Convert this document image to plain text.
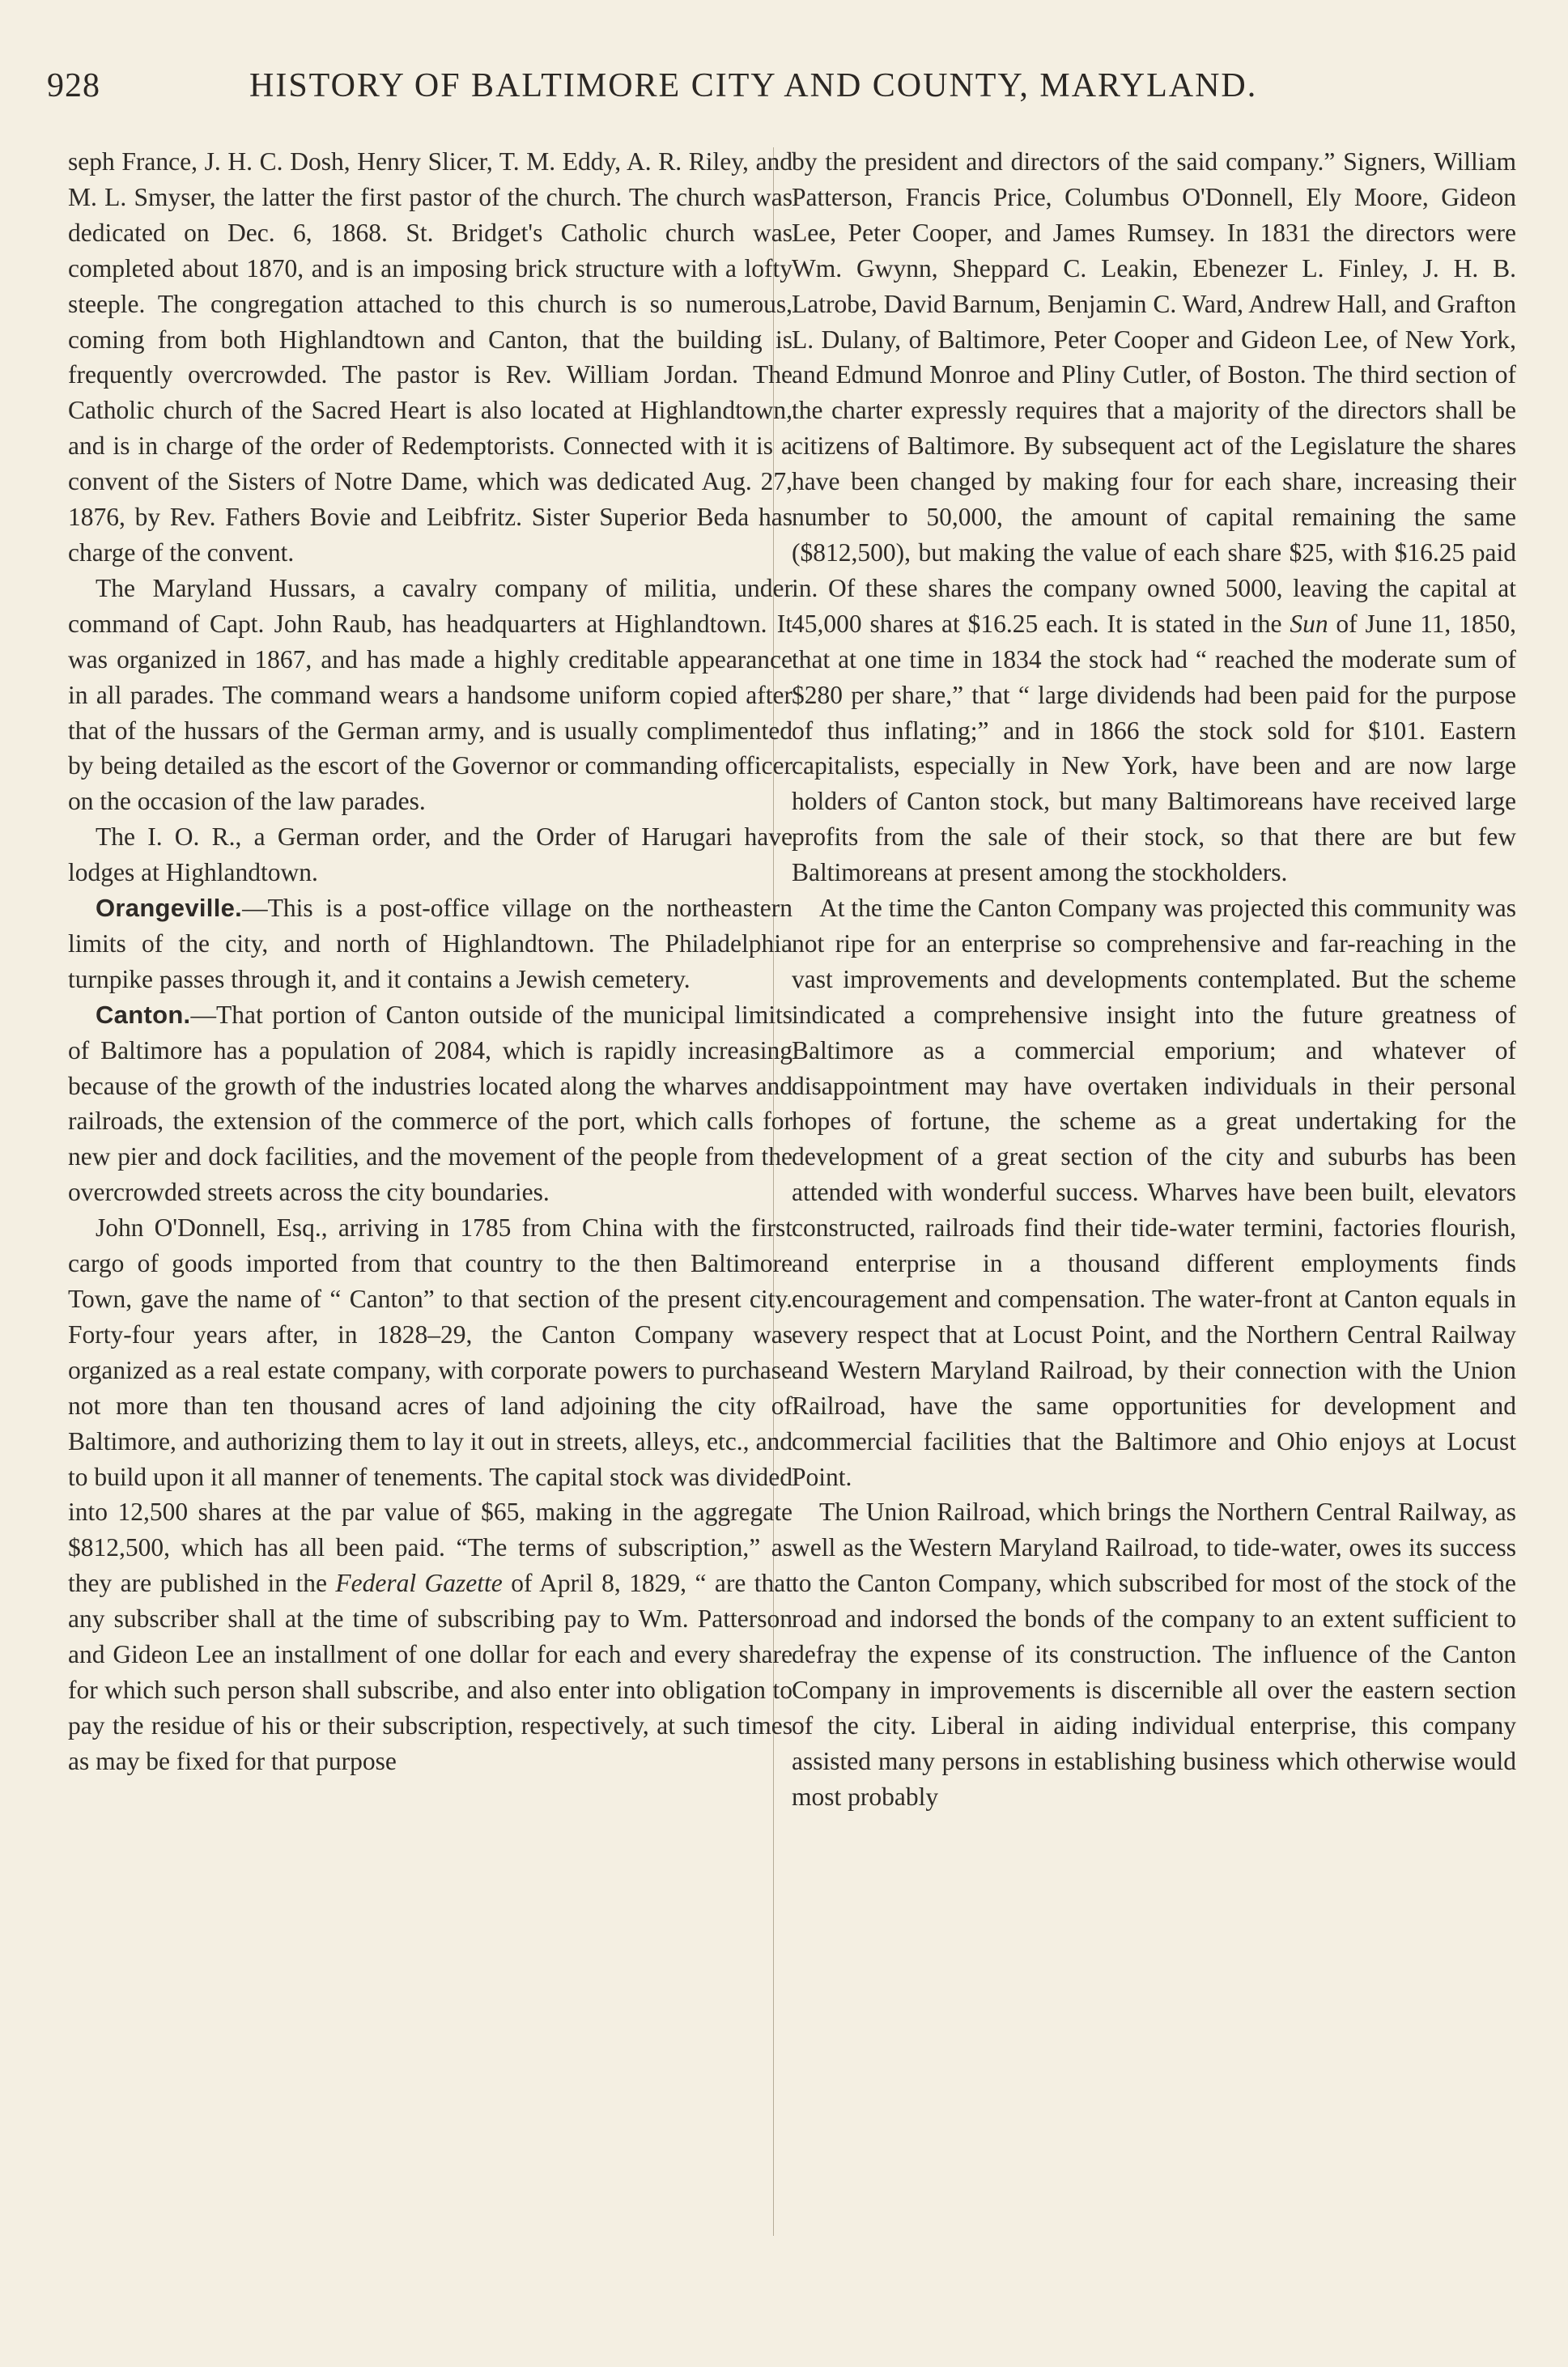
928	HISTORY OF BALTIMORE CITY AND COUNTY, MARYLAND.

seph France, J. H. C. Dosh, Henry Slicer, T. M. Eddy, A. R. Riley, and M. L. Smyser, the latter the first pastor of the church. The church was dedicated on Dec. 6, 1868. St. Bridget's Catholic church was completed about 1870, and is an imposing brick structure with a lofty steeple. The congregation attached to this church is so numerous, coming from both Highlandtown and Canton, that the building is frequently overcrowded. The pastor is Rev. William Jordan. The Catholic church of the Sacred Heart is also located at Highlandtown, and is in charge of the order of Redemptorists. Connected with it is a convent of the Sisters of Notre Dame, which was dedicated Aug. 27, 1876, by Rev. Fathers Bovie and Leibfritz. Sister Superior Beda has charge of the convent.

The Maryland Hussars, a cavalry company of militia, under command of Capt. John Raub, has headquarters at Highlandtown. It was organized in 1867, and has made a highly creditable appearance in all parades. The command wears a handsome uniform copied after that of the hussars of the German army, and is usually complimented by being detailed as the escort of the Governor or commanding officer on the occasion of the law parades.

The I. O. R., a German order, and the Order of Harugari have lodges at Highlandtown.

Orangeville.—This is a post-office village on the northeastern limits of the city, and north of Highlandtown. The Philadelphia turnpike passes through it, and it contains a Jewish cemetery.

Canton.—That portion of Canton outside of the municipal limits of Baltimore has a population of 2084, which is rapidly increasing because of the growth of the industries located along the wharves and railroads, the extension of the commerce of the port, which calls for new pier and dock facilities, and the movement of the people from the overcrowded streets across the city boundaries.

John O'Donnell, Esq., arriving in 1785 from China with the first cargo of goods imported from that country to the then Baltimore Town, gave the name of “ Canton” to that section of the present city. Forty-four years after, in 1828–29, the Canton Company was organized as a real estate company, with corporate powers to purchase not more than ten thousand acres of land adjoining the city of Baltimore, and authorizing them to lay it out in streets, alleys, etc., and to build upon it all manner of tenements. The capital stock was divided into 12,500 shares at the par value of $65, making in the aggregate $812,500, which has all been paid. “The terms of subscription,” as they are published in the Federal Gazette of April 8, 1829, “ are that any subscriber shall at the time of subscribing pay to Wm. Patterson and Gideon Lee an installment of one dollar for each and every share for which such person shall subscribe, and also enter into obligation to pay the residue of his or their subscription, respectively, at such times as may be fixed for that purpose

by the president and directors of the said company.” Signers, William Patterson, Francis Price, Columbus O'Donnell, Ely Moore, Gideon Lee, Peter Cooper, and James Rumsey. In 1831 the directors were Wm. Gwynn, Sheppard C. Leakin, Ebenezer L. Finley, J. H. B. Latrobe, David Barnum, Benjamin C. Ward, Andrew Hall, and Grafton L. Dulany, of Baltimore, Peter Cooper and Gideon Lee, of New York, and Edmund Monroe and Pliny Cutler, of Boston. The third section of the charter expressly requires that a majority of the directors shall be citizens of Baltimore. By subsequent act of the Legislature the shares have been changed by making four for each share, increasing their number to 50,000, the amount of capital remaining the same ($812,500), but making the value of each share $25, with $16.25 paid in. Of these shares the company owned 5000, leaving the capital at 45,000 shares at $16.25 each. It is stated in the Sun of June 11, 1850, that at one time in 1834 the stock had “ reached the moderate sum of $280 per share,” that “ large dividends had been paid for the purpose of thus inflating;” and in 1866 the stock sold for $101. Eastern capitalists, especially in New York, have been and are now large holders of Canton stock, but many Baltimoreans have received large profits from the sale of their stock, so that there are but few Baltimoreans at present among the stockholders.

At the time the Canton Company was projected this community was not ripe for an enterprise so comprehensive and far-reaching in the vast improvements and developments contemplated. But the scheme indicated a comprehensive insight into the future greatness of Baltimore as a commercial emporium; and whatever of disappointment may have overtaken individuals in their personal hopes of fortune, the scheme as a great undertaking for the development of a great section of the city and suburbs has been attended with wonderful success. Wharves have been built, elevators constructed, railroads find their tide-water termini, factories flourish, and enterprise in a thousand different employments finds encouragement and compensation. The water-front at Canton equals in every respect that at Locust Point, and the Northern Central Railway and Western Maryland Railroad, by their connection with the Union Railroad, have the same opportunities for development and commercial facilities that the Baltimore and Ohio enjoys at Locust Point.

The Union Railroad, which brings the Northern Central Railway, as well as the Western Maryland Railroad, to tide-water, owes its success to the Canton Company, which subscribed for most of the stock of the road and indorsed the bonds of the company to an extent sufficient to defray the expense of its construction. The influence of the Canton Company in improvements is discernible all over the eastern section of the city. Liberal in aiding individual enterprise, this company assisted many persons in establishing business which otherwise would most probably
